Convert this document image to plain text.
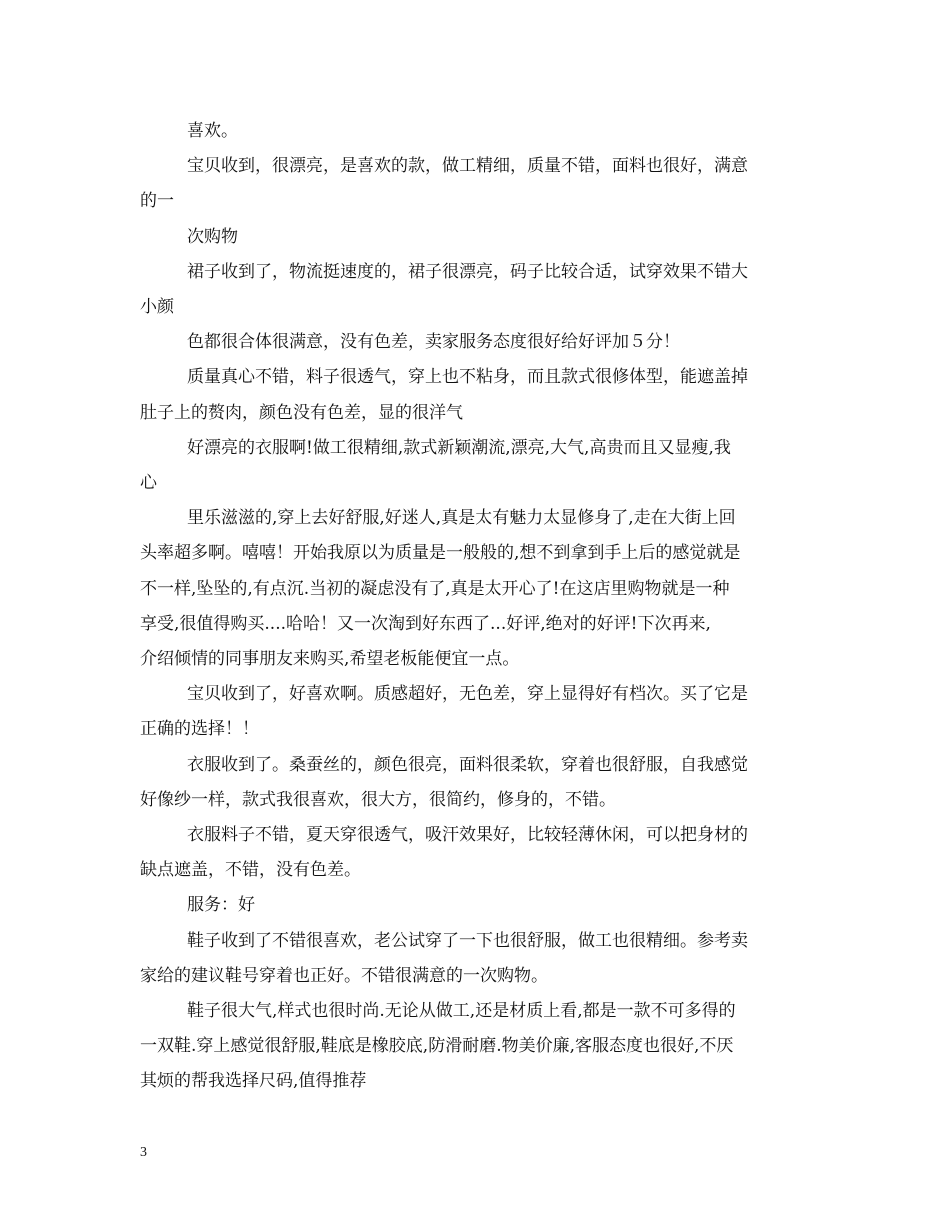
喜欢。
宝贝收到，很漂亮，是喜欢的款，做工精细，质量不错，面料也很好，满意
的一
次购物
裙子收到了，物流挺速度的，裙子很漂亮，码子比较合适，试穿效果不错大
小颜
色都很合体很满意，没有色差，卖家服务态度很好给好评加５分！
质量真心不错，料子很透气，穿上也不粘身，而且款式很修体型，能遮盖掉
肚子上的赘肉，颜色没有色差，显的很洋气
好漂亮的衣服啊!做工很精细,款式新颖潮流,漂亮,大气,高贵而且又显瘦,我
心
里乐滋滋的,穿上去好舒服,好迷人,真是太有魅力太显修身了,走在大街上回
头率超多啊。嘻嘻！开始我原以为质量是一般般的,想不到拿到手上后的感觉就是
不一样,坠坠的,有点沉.当初的凝虑没有了,真是太开心了!在这店里购物就是一种
享受,很值得购买....哈哈！又一次淘到好东西了...好评,绝对的好评!下次再来,
介绍倾情的同事朋友来购买,希望老板能便宜一点。
宝贝收到了，好喜欢啊。质感超好，无色差，穿上显得好有档次。买了它是
正确的选择！！
衣服收到了。桑蚕丝的，颜色很亮，面料很柔软，穿着也很舒服，自我感觉
好像纱一样，款式我很喜欢，很大方，很简约，修身的，不错。
衣服料子不错，夏天穿很透气，吸汗效果好，比较轻薄休闲，可以把身材的
缺点遮盖，不错，没有色差。
服务：好
鞋子收到了不错很喜欢，老公试穿了一下也很舒服，做工也很精细。参考卖
家给的建议鞋号穿着也正好。不错很满意的一次购物。
鞋子很大气,样式也很时尚.无论从做工,还是材质上看,都是一款不可多得的
一双鞋.穿上感觉很舒服,鞋底是橡胶底,防滑耐磨.物美价廉,客服态度也很好,不厌
其烦的帮我选择尺码,值得推荐
3
